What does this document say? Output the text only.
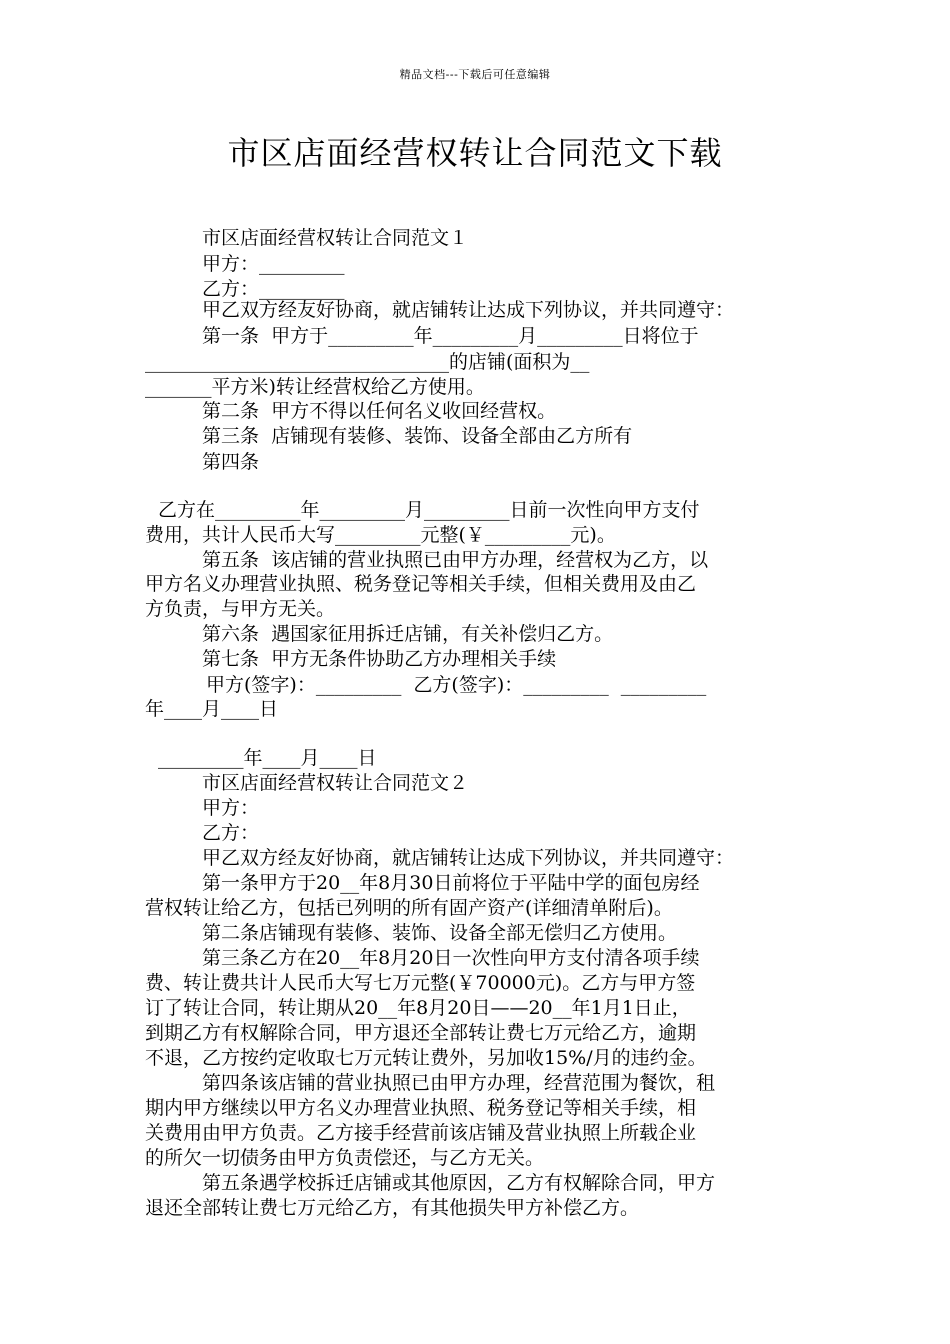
精品文档---下载后可任意编辑
市区店面经营权转让合同范文下载
市区店面经营权转让合同范文１
甲方：_________
乙方：_________
甲乙双方经友好协商，就店铺转让达成下列协议，并共同遵守：
第一条  甲方于_________年_________月_________日将位于
________________________________的店铺(面积为__
_______平方米)转让经营权给乙方使用。
第二条  甲方不得以任何名义收回经营权。
第三条  店铺现有装修、装饰、设备全部由乙方所有
第四条
乙方在_________年_________月_________日前一次性向甲方支付
费用，共计人民币大写_________元整(￥_________元)。
第五条  该店铺的营业执照已由甲方办理，经营权为乙方，以
甲方名义办理营业执照、税务登记等相关手续，但相关费用及由乙
方负责，与甲方无关。
第六条  遇国家征用拆迁店铺，有关补偿归乙方。
第七条  甲方无条件协助乙方办理相关手续
甲方(签字)：_________  乙方(签字)：_________  _________
年____月____日
_________年____月____日
市区店面经营权转让合同范文２
甲方：
乙方：
甲乙双方经友好协商，就店铺转让达成下列协议，并共同遵守：
第一条甲方于20__年8月30日前将位于平陆中学的面包房经
营权转让给乙方，包括已列明的所有固产资产(详细清单附后)。
第二条店铺现有装修、装饰、设备全部无偿归乙方使用。
第三条乙方在20__年8月20日一次性向甲方支付清各项手续
费、转让费共计人民币大写七万元整(￥70000元)。乙方与甲方签
订了转让合同，转让期从20__年8月20日——20__年1月1日止，
到期乙方有权解除合同，甲方退还全部转让费七万元给乙方，逾期
不退，乙方按约定收取七万元转让费外，另加收15%/月的违约金。
第四条该店铺的营业执照已由甲方办理，经营范围为餐饮，租
期内甲方继续以甲方名义办理营业执照、税务登记等相关手续，相
关费用由甲方负责。乙方接手经营前该店铺及营业执照上所载企业
的所欠一切债务由甲方负责偿还，与乙方无关。
第五条遇学校拆迁店铺或其他原因，乙方有权解除合同，甲方
退还全部转让费七万元给乙方，有其他损失甲方补偿乙方。
